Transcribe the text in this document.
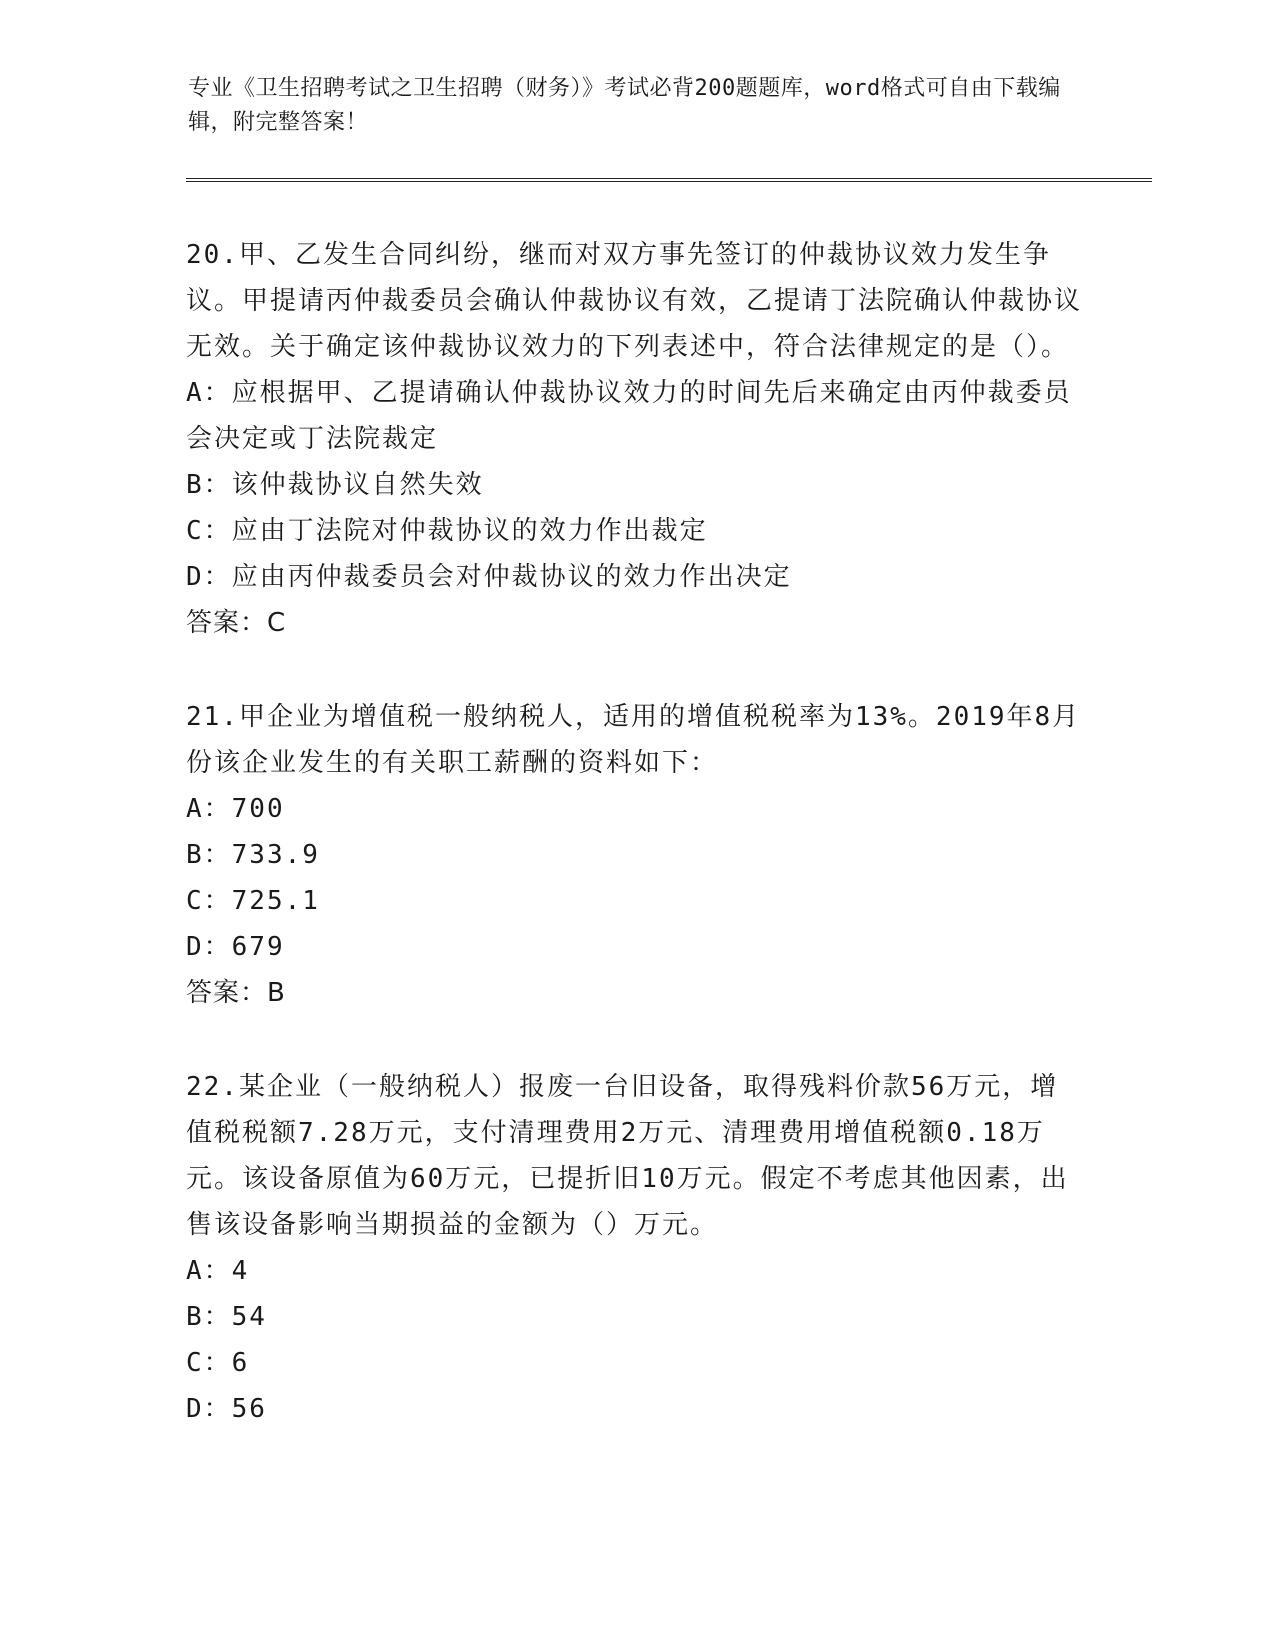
专业《卫生招聘考试之卫生招聘（财务）》考试必背200题题库，word格式可自由下载编辑，附完整答案！

20.甲、乙发生合同纠纷，继而对双方事先签订的仲裁协议效力发生争议。甲提请丙仲裁委员会确认仲裁协议有效，乙提请丁法院确认仲裁协议无效。关于确定该仲裁协议效力的下列表述中，符合法律规定的是（）。

A：应根据甲、乙提请确认仲裁协议效力的时间先后来确定由丙仲裁委员会决定或丁法院裁定

B：该仲裁协议自然失效

C：应由丁法院对仲裁协议的效力作出裁定

D：应由丙仲裁委员会对仲裁协议的效力作出决定

答案：C

21.甲企业为增值税一般纳税人，适用的增值税税率为13%。2019年8月份该企业发生的有关职工薪酬的资料如下：

A：700

B：733.9

C：725.1

D：679

答案：B

22.某企业（一般纳税人）报废一台旧设备，取得残料价款56万元，增值税税额7.28万元，支付清理费用2万元、清理费用增值税额0.18万元。该设备原值为60万元，已提折旧10万元。假定不考虑其他因素，出售该设备影响当期损益的金额为（）万元。

A：4

B：54

C：6

D：56
